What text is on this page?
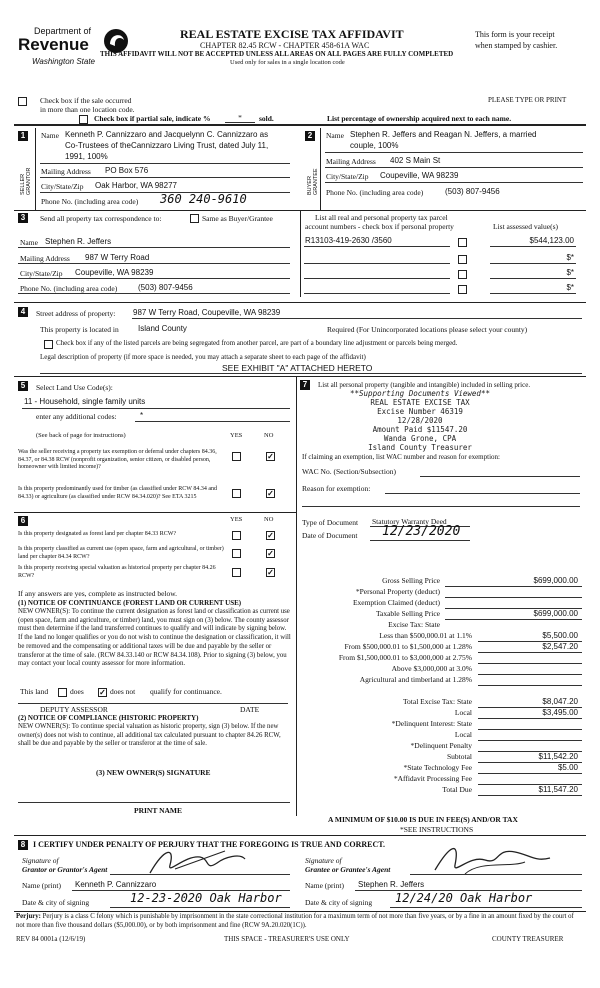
Department of
Revenue
Washington State
REAL ESTATE EXCISE TAX AFFIDAVIT
CHAPTER 82.45 RCW - CHAPTER 458-61A WAC
THIS AFFIDAVIT WILL NOT BE ACCEPTED UNLESS ALL AREAS ON ALL PAGES ARE FULLY COMPLETED
Used only for sales in a single location code
This form is your receipt
when stamped by cashier.
PLEASE TYPE OR PRINT
Check box if the sale occurred
in more than one location code.
Check box if partial sale, indicate %	*	sold.	List percentage of ownership acquired next to each name.
1
SELLER GRANTOR
Name Kenneth P. Cannizzaro and Jacquelynn C. Cannizzaro as
Co-Trustees of theCannizzaro Living Trust, dated July 11,
1991, 100%
Mailing Address PO Box 576
City/State/Zip Oak Harbor, WA 98277
Phone No. (including area code) 360 240-9610
2
BUYER GRANTEE
Name Stephen R. Jeffers and Reagan N. Jeffers, a married
couple, 100%
Mailing Address 402 S Main St
City/State/Zip Coupeville, WA 98239
Phone No. (including area code)	(503) 807-9456
3	Send all property tax correspondence to:	Same as Buyer/Grantee	List all real and personal property tax parcel
account numbers - check box if personal property	List assessed value(s)
Name Stephen R. Jeffers
Mailing Address 987 W Terry Road
City/State/Zip Coupeville, WA 98239
Phone No. (including area code)	(503) 807-9456
R13103-419-2630 /3560	$544,123.00
$*
$*
$*
4	Street address of property: 987 W Terry Road, Coupeville, WA 98239
This property is located in Island County	Required (For Unincorporated locations please select your county)
Check box if any of the listed parcels are being segregated from another parcel, are part of a boundary line adjustment or parcels being merged.
Legal description of property (if more space is needed, you may attach a separate sheet to each page of the affidavit)
SEE EXHIBIT "A" ATTACHED HERETO
5	Select Land Use Code(s):
11 - Household, single family units
enter any additional codes:	*
(See back of page for instructions)	YES	NO
Was the seller receiving a property tax exemption or deferral under chapters 84.36, 84.37, or 84.38 RCW (nonprofit organization, senior citizen, or disabled person, homeowner with limited income)?
✓
Is this property predominantly used for timber (as classified under RCW 84.34 and 84.33) or agriculture (as classified under RCW 84.34.020)? See ETA 3215
✓
6	YES	NO
Is this property designated as forest land per chapter 84.33 RCW?
✓
Is this property classified as current use (open space, farm and agricultural, or timber) land per chapter 84.34 RCW?
✓
Is this property receiving special valuation as historical property per chapter 84.26 RCW?
✓
If any answers are yes, complete as instructed below.
(1) NOTICE OF CONTINUANCE (FOREST LAND OR CURRENT USE)
NEW OWNER(S): To continue the current designation as forest land or classification as current use (open space, farm and agriculture, or timber) land, you must sign on (3) below. The county assessor must then determine if the land transferred continues to qualify and will indicate by signing below. If the land no longer qualifies or you do not wish to continue the designation or classification, it will be removed and the compensating or additional taxes will be due and payable by the seller or transferor at the time of sale. (RCW 84.33.140 or RCW 84.34.108). Prior to signing (3) below, you may contact your local county assessor for more information.
This land	does
✓	does not qualify for continuance.
DEPUTY ASSESSOR	DATE
(2) NOTICE OF COMPLIANCE (HISTORIC PROPERTY)
NEW OWNER(S): To continue special valuation as historic property, sign (3) below. If the new owner(s) does not wish to continue, all additional tax calculated pursuant to chapter 84.26 RCW, shall be due and payable by the seller or transferor at the time of sale.
(3) NEW OWNER(S) SIGNATURE
PRINT NAME
7	List all personal property (tangible and intangible) included in selling price.
**Supporting Documents Viewed**
REAL ESTATE EXCISE TAX
Excise Number 46319
12/28/2020
Amount Paid $11547.20
Wanda Grone, CPA
Island County Treasurer
If claiming an exemption, list WAC number and reason for exemption:
WAC No. (Section/Subsection)
Reason for exemption:
Type of Document Statutory Warranty Deed
Date of Document 12/23/2020
Gross Selling Price	$699,000.00
*Personal Property (deduct)
Exemption Claimed (deduct)
Taxable Selling Price	$699,000.00
Excise Tax: State
Less than $500,000.01 at 1.1%	$5,500.00
From $500,000.01 to $1,500,000 at 1.28%	$2,547.20
From $1,500,000.01 to $3,000,000 at 2.75%
Above $3,000,000 at 3.0%
Agricultural and timberland at 1.28%
Total Excise Tax: State	$8,047.20
Local	$3,495.00
*Delinquent Interest: State
Local
*Delinquent Penalty
Subtotal	$11,542.20
*State Technology Fee	$5.00
*Affidavit Processing Fee
Total Due	$11,547.20
A MINIMUM OF $10.00 IS DUE IN FEE(S) AND/OR TAX
*SEE INSTRUCTIONS
8 I CERTIFY UNDER PENALTY OF PERJURY THAT THE FOREGOING IS TRUE AND CORRECT.
Signature of
Grantor or Grantor's Agent
Signature of
Grantee or Grantee's Agent
Name (print) Kenneth P. Cannizzaro	Name (print) Stephen R. Jeffers
Date & city of signing	12-23-2020 Oak Harbor	Date & city of signing 12/24/20 Oak Harbor
Perjury: Perjury is a class C felony which is punishable by imprisonment in the state correctional institution for a maximum term of not more than five years, or by a fine in an amount fixed by the court of not more than five thousand dollars ($5,000.00), or by both imprisonment and fine (RCW 9A.20.020(1C)).
REV 84 0001a (12/6/19)	THIS SPACE - TREASURER'S USE ONLY	COUNTY TREASURER
